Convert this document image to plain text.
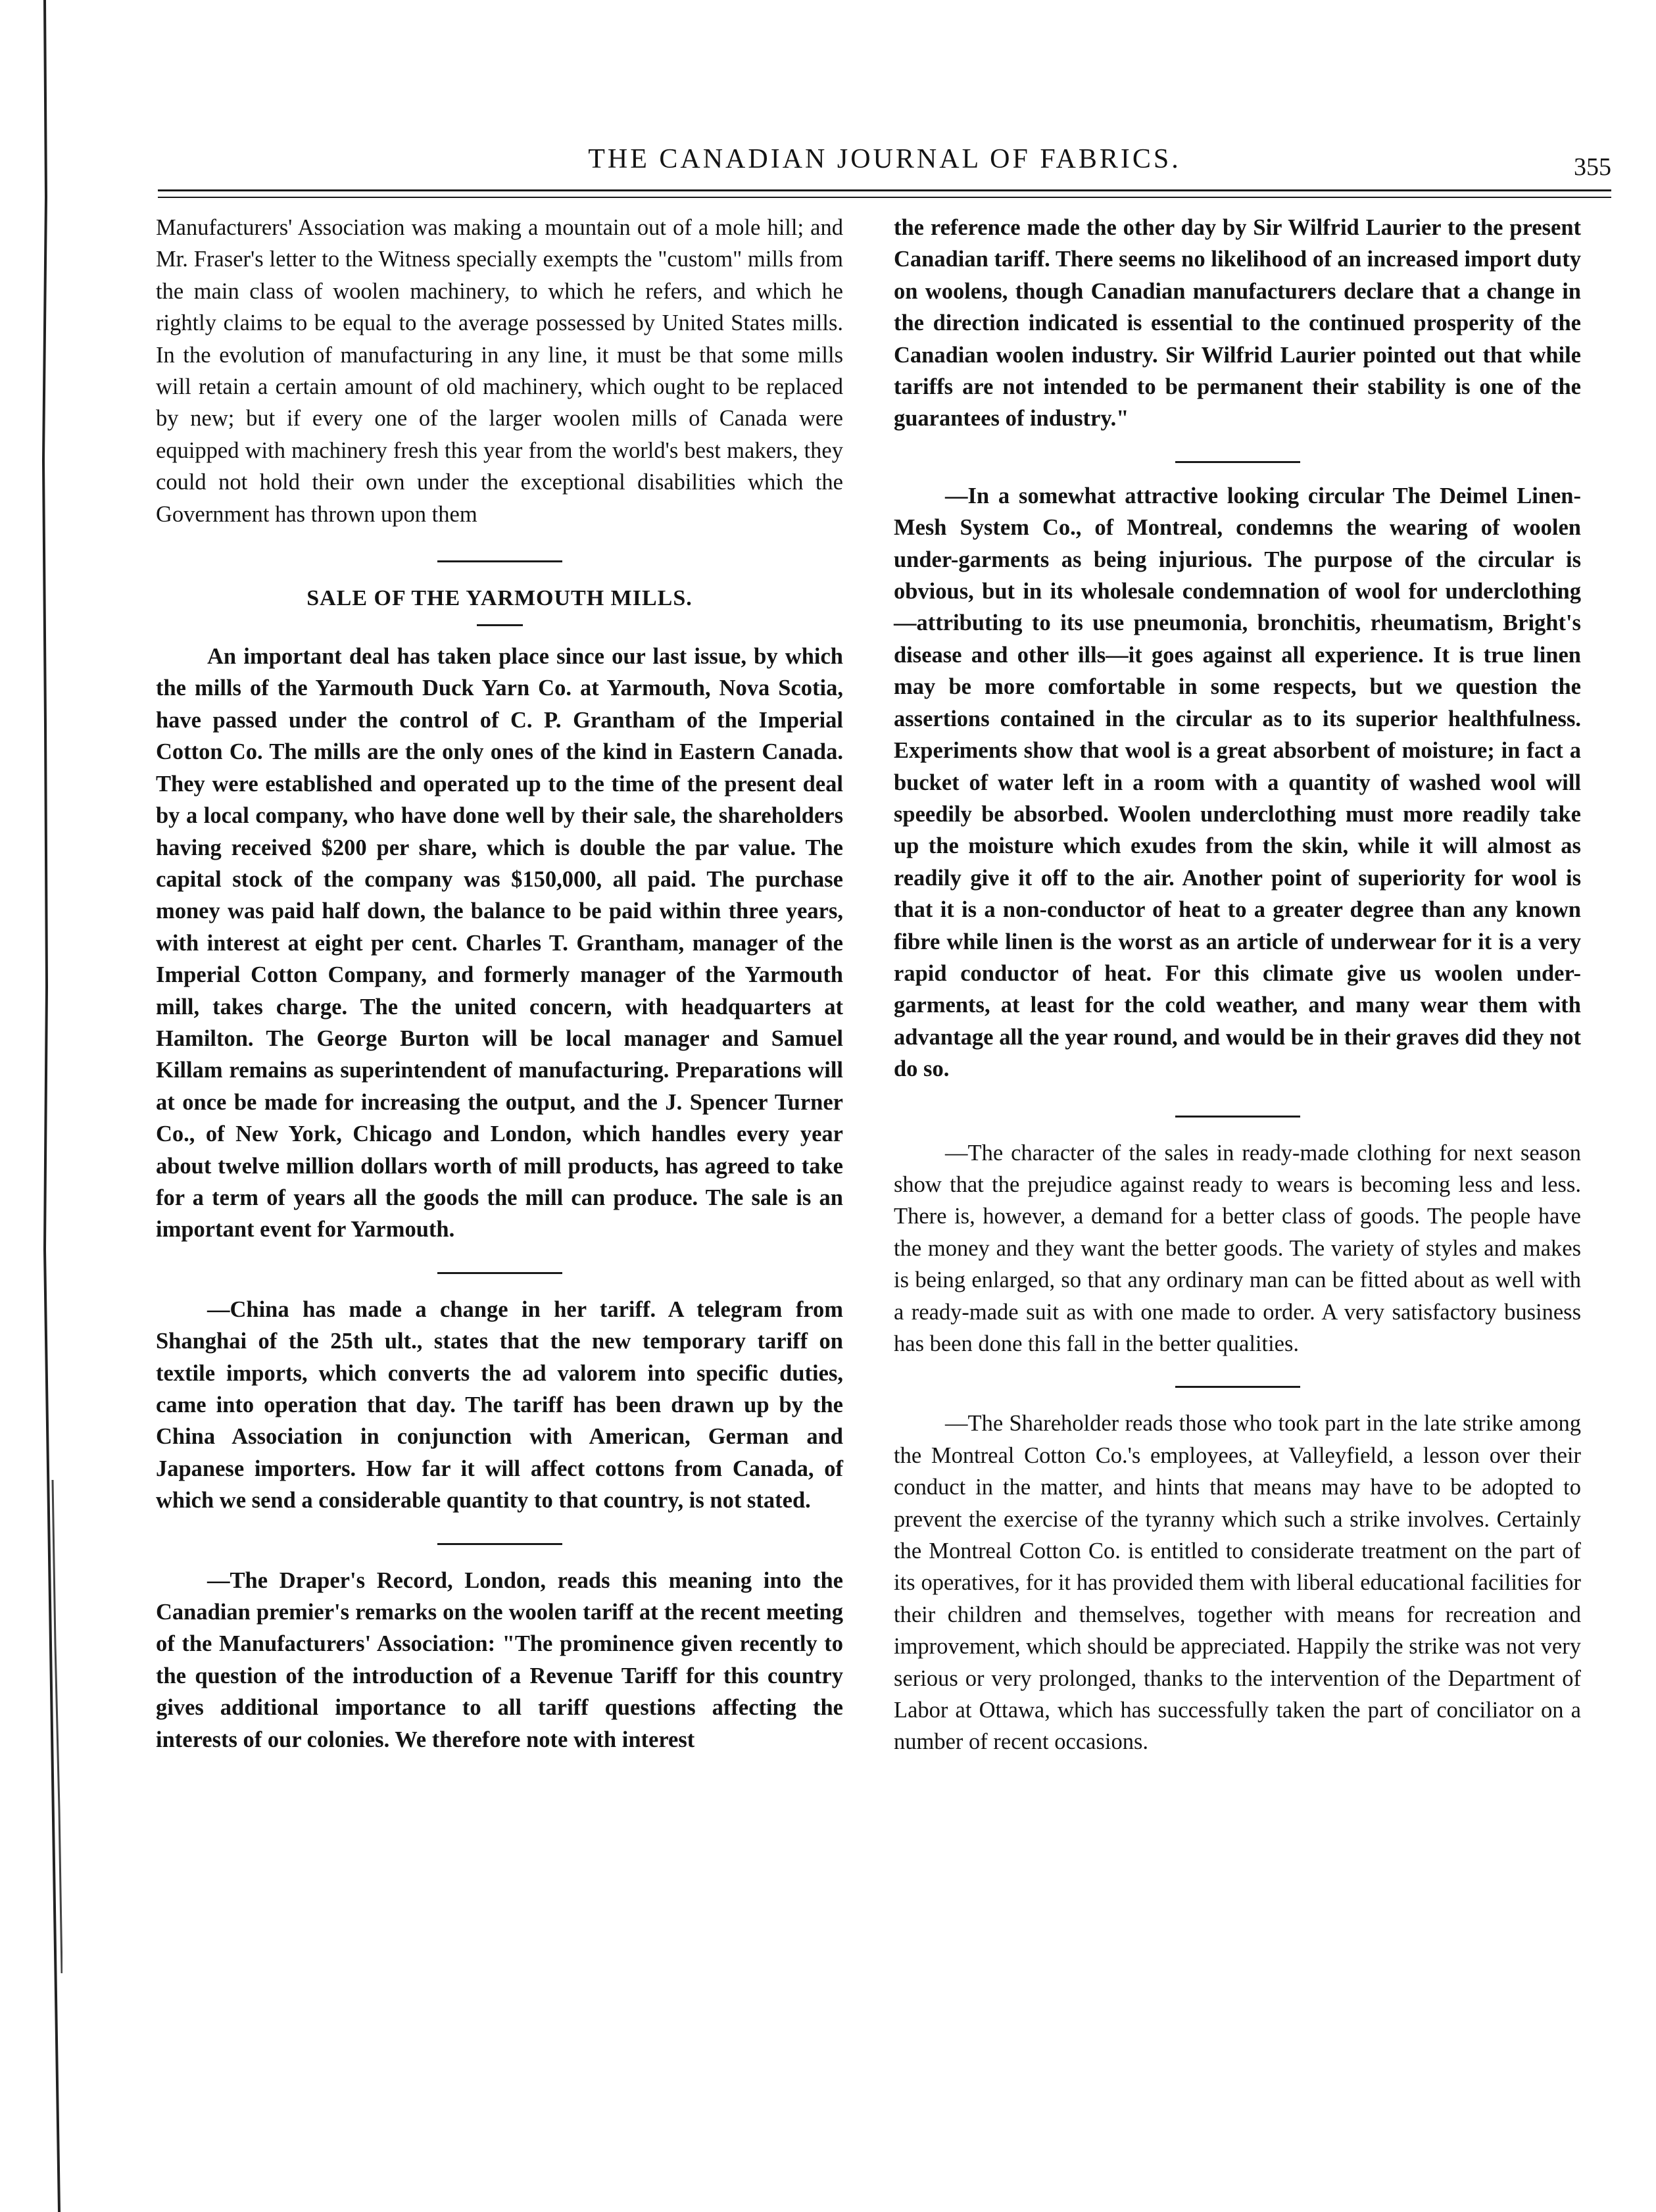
THE CANADIAN JOURNAL OF FABRICS.	355

Manufacturers' Association was making a mountain out of a mole hill; and Mr. Fraser's letter to the Witness specially exempts the "custom" mills from the main class of woolen machinery, to which he refers, and which he rightly claims to be equal to the average possessed by United States mills. In the evolution of manufacturing in any line, it must be that some mills will retain a certain amount of old machinery, which ought to be replaced by new; but if every one of the larger woolen mills of Canada were equipped with machinery fresh this year from the world's best makers, they could not hold their own under the exceptional disabilities which the Government has thrown upon them

SALE OF THE YARMOUTH MILLS.

An important deal has taken place since our last issue, by which the mills of the Yarmouth Duck Yarn Co. at Yarmouth, Nova Scotia, have passed under the control of C. P. Grantham of the Imperial Cotton Co. The mills are the only ones of the kind in Eastern Canada. They were established and operated up to the time of the present deal by a local company, who have done well by their sale, the shareholders having received $200 per share, which is double the par value. The capital stock of the company was $150,000, all paid. The purchase money was paid half down, the balance to be paid within three years, with interest at eight per cent. Charles T. Grantham, manager of the Imperial Cotton Company, and formerly manager of the Yarmouth mill, takes charge. The the united concern, with headquarters at Hamilton. The George Burton will be local manager and Samuel Killam remains as superintendent of manufacturing. Preparations will at once be made for increasing the output, and the J. Spencer Turner Co., of New York, Chicago and London, which handles every year about twelve million dollars worth of mill products, has agreed to take for a term of years all the goods the mill can produce. The sale is an important event for Yarmouth.

—China has made a change in her tariff. A telegram from Shanghai of the 25th ult., states that the new temporary tariff on textile imports, which converts the ad valorem into specific duties, came into operation that day. The tariff has been drawn up by the China Association in conjunction with American, German and Japanese importers. How far it will affect cottons from Canada, of which we send a considerable quantity to that country, is not stated.

—The Draper's Record, London, reads this meaning into the Canadian premier's remarks on the woolen tariff at the recent meeting of the Manufacturers' Association: "The prominence given recently to the question of the introduction of a Revenue Tariff for this country gives additional importance to all tariff questions affecting the interests of our colonies. We therefore note with interest

the reference made the other day by Sir Wilfrid Laurier to the present Canadian tariff. There seems no likelihood of an increased import duty on woolens, though Canadian manufacturers declare that a change in the direction indicated is essential to the continued prosperity of the Canadian woolen industry. Sir Wilfrid Laurier pointed out that while tariffs are not intended to be permanent their stability is one of the guarantees of industry."

—In a somewhat attractive looking circular The Deimel Linen-Mesh System Co., of Montreal, condemns the wearing of woolen under-garments as being injurious. The purpose of the circular is obvious, but in its wholesale condemnation of wool for underclothing—attributing to its use pneumonia, bronchitis, rheumatism, Bright's disease and other ills—it goes against all experience. It is true linen may be more comfortable in some respects, but we question the assertions contained in the circular as to its superior healthfulness. Experiments show that wool is a great absorbent of moisture; in fact a bucket of water left in a room with a quantity of washed wool will speedily be absorbed. Woolen underclothing must more readily take up the moisture which exudes from the skin, while it will almost as readily give it off to the air. Another point of superiority for wool is that it is a non-conductor of heat to a greater degree than any known fibre while linen is the worst as an article of underwear for it is a very rapid conductor of heat. For this climate give us woolen under-garments, at least for the cold weather, and many wear them with advantage all the year round, and would be in their graves did they not do so.

—The character of the sales in ready-made clothing for next season show that the prejudice against ready to wears is becoming less and less. There is, however, a demand for a better class of goods. The people have the money and they want the better goods. The variety of styles and makes is being enlarged, so that any ordinary man can be fitted about as well with a ready-made suit as with one made to order. A very satisfactory business has been done this fall in the better qualities.

—The Shareholder reads those who took part in the late strike among the Montreal Cotton Co.'s employees, at Valleyfield, a lesson over their conduct in the matter, and hints that means may have to be adopted to prevent the exercise of the tyranny which such a strike involves. Certainly the Montreal Cotton Co. is entitled to considerate treatment on the part of its operatives, for it has provided them with liberal educational facilities for their children and themselves, together with means for recreation and improvement, which should be appreciated. Happily the strike was not very serious or very prolonged, thanks to the intervention of the Department of Labor at Ottawa, which has successfully taken the part of conciliator on a number of recent occasions.
